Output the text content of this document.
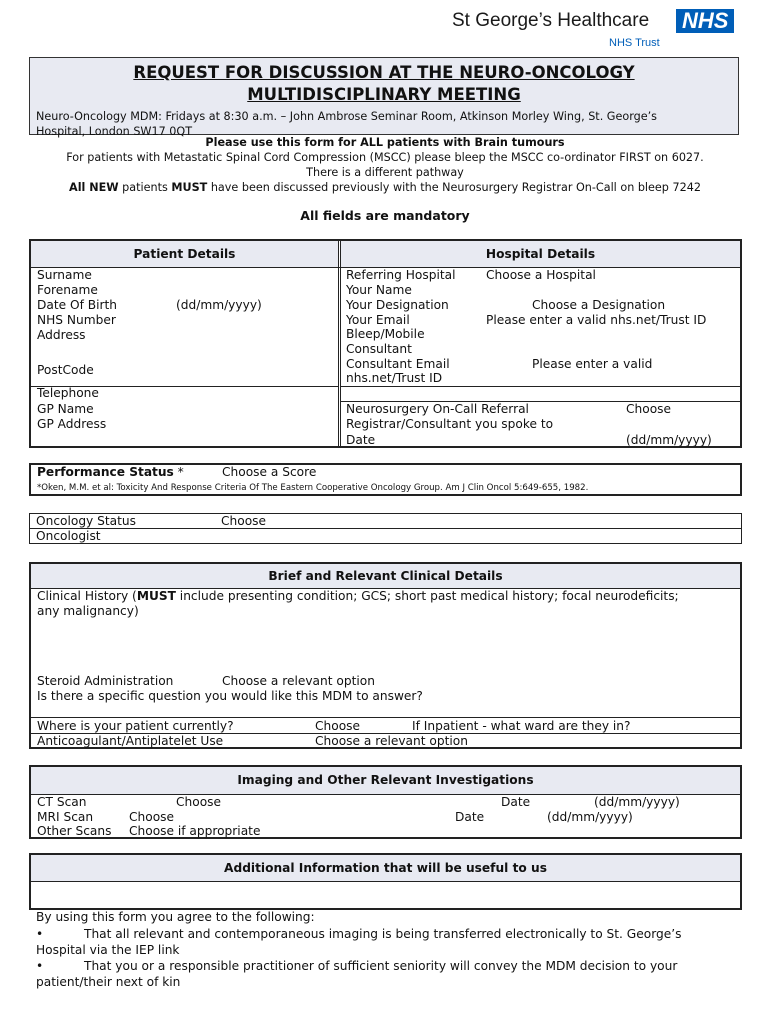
St George’s Healthcare NHS
NHS Trust
REQUEST FOR DISCUSSION AT THE NEURO-ONCOLOGY
MULTIDISCIPLINARY MEETING
Neuro-Oncology MDM: Fridays at 8:30 a.m. – John Ambrose Seminar Room, Atkinson Morley Wing, St. George’s
Hospital, London SW17 0QT
Please use this form for ALL patients with Brain tumours
For patients with Metastatic Spinal Cord Compression (MSCC) please bleep the MSCC co-ordinator FIRST on 6027.
There is a different pathway
All NEW patients MUST have been discussed previously with the Neurosurgery Registrar On-Call on bleep 7242
All fields are mandatory
Patient Details	Hospital Details
Surname
Forename
Date Of Birth	(dd/mm/yyyy)
NHS Number
Address
PostCode
Telephone
GP Name
GP Address
Referring Hospital	Choose a Hospital
Your Name
Your Designation	Choose a Designation
Your Email	Please enter a valid nhs.net/Trust ID
Bleep/Mobile
Consultant
Consultant Email	Please enter a valid
nhs.net/Trust ID
Neurosurgery On-Call Referral	Choose
Registrar/Consultant you spoke to
Date	(dd/mm/yyyy)
Performance Status *	Choose a Score
*Oken, M.M. et al: Toxicity And Response Criteria Of The Eastern Cooperative Oncology Group. Am J Clin Oncol 5:649-655, 1982.
Oncology Status	Choose
Oncologist
Brief and Relevant Clinical Details
Clinical History (MUST include presenting condition; GCS; short past medical history; focal neurodeficits;
any malignancy)
Steroid Administration	Choose a relevant option
Is there a specific question you would like this MDM to answer?
Where is your patient currently?	Choose	If Inpatient - what ward are they in?
Anticoagulant/Antiplatelet Use	Choose a relevant option
Imaging and Other Relevant Investigations
CT Scan	Choose	Date	(dd/mm/yyyy)
MRI Scan	Choose	Date	(dd/mm/yyyy)
Other Scans Choose if appropriate
Additional Information that will be useful to us
By using this form you agree to the following:
•	That all relevant and contemporaneous imaging is being transferred electronically to St. George’s
Hospital via the IEP link
•	That you or a responsible practitioner of sufficient seniority will convey the MDM decision to your
patient/their next of kin
